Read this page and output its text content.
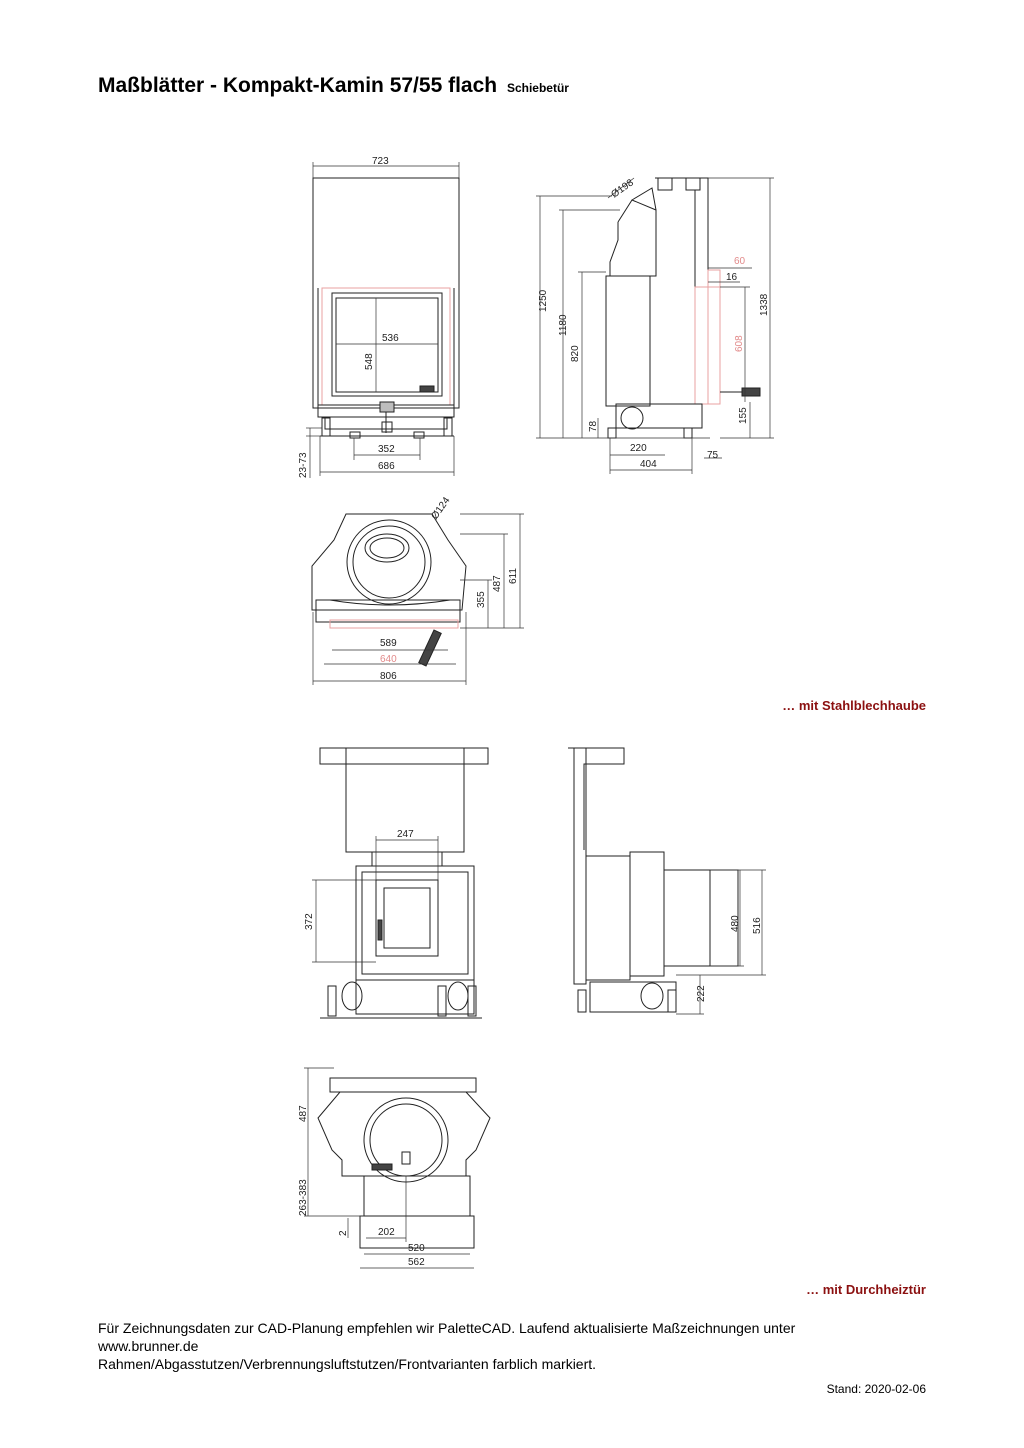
Maßblätter - Kompakt-Kamin 57/55 flach Schiebetür
723
536
548
352
686
23-73
Ø198
1250
1180
820
78
220
404
75
60
16
1338
608
155
Ø124
611
487
355
589
640
806
247
372	480 516
222
487
263-383
2	202
520
562
… mit Stahlblechhaube
… mit Durchheiztür
Für Zeichnungsdaten zur CAD-Planung empfehlen wir PaletteCAD. Laufend aktualisierte Maßzeichnungen unter
www.brunner.de
Rahmen/Abgasstutzen/Verbrennungsluftstutzen/Frontvarianten farblich markiert.
Stand: 2020-02-06
